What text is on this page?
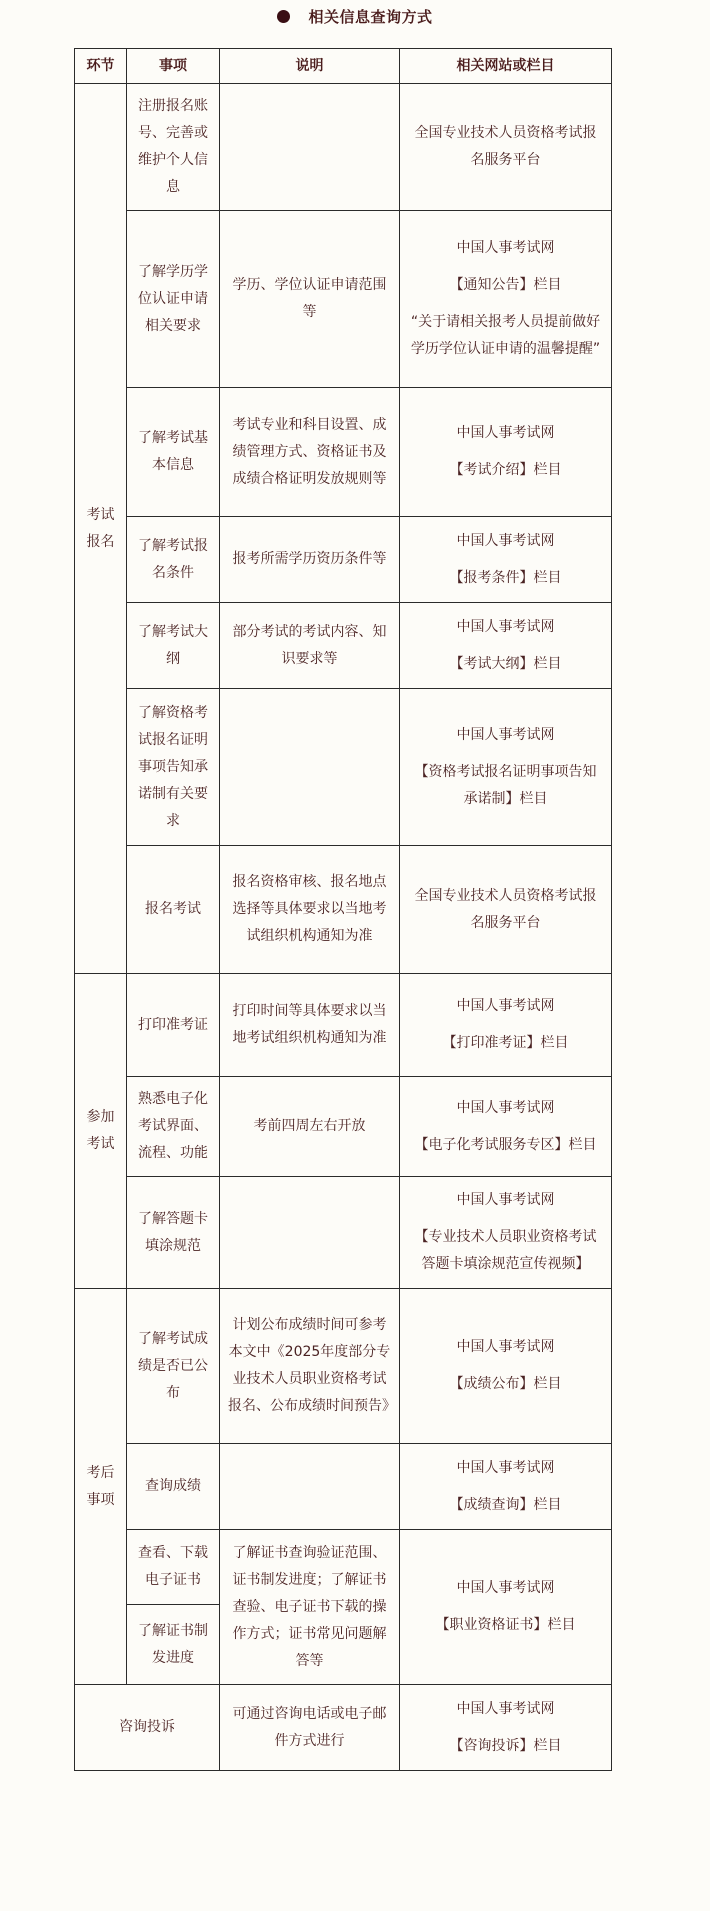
相关信息查询方式
环节	事项	说明	相关网站或栏目
考试报名	注册报名账号、完善或维护个人信息		全国专业技术人员资格考试报名服务平台
	了解学历学位认证申请相关要求	学历、学位认证申请范围等	中国人事考试网
【通知公告】栏目
“关于请相关报考人员提前做好学历学位认证申请的温馨提醒”

	了解考试基本信息	考试专业和科目设置、成绩管理方式、资格证书及成绩合格证明发放规则等	中国人事考试网
【考试介绍】栏目

	了解考试报名条件	报考所需学历资历条件等	中国人事考试网
【报考条件】栏目

	了解考试大纲	部分考试的考试内容、知识要求等	中国人事考试网
【考试大纲】栏目

	了解资格考试报名证明事项告知承诺制有关要求		中国人事考试网
【资格考试报名证明事项告知承诺制】栏目

	报名考试	报名资格审核、报名地点选择等具体要求以当地考试组织机构通知为准	全国专业技术人员资格考试报名服务平台
参加考试	打印准考证	打印时间等具体要求以当地考试组织机构通知为准	中国人事考试网
【打印准考证】栏目

	熟悉电子化考试界面、流程、功能	考前四周左右开放	中国人事考试网
【电子化考试服务专区】栏目

	了解答题卡填涂规范		中国人事考试网
【专业技术人员职业资格考试答题卡填涂规范宣传视频】

考后事项	了解考试成绩是否已公布	计划公布成绩时间可参考本文中《2025年度部分专业技术人员职业资格考试报名、公布成绩时间预告》	中国人事考试网
【成绩公布】栏目

	查询成绩		中国人事考试网
【成绩查询】栏目

	查看、下载电子证书	了解证书查询验证范围、证书制发进度；了解证书查验、电子证书下载的操作方式；证书常见问题解答等	中国人事考试网
【职业资格证书】栏目

	了解证书制发进度		
咨询投诉		可通过咨询电话或电子邮件方式进行	中国人事考试网
【咨询投诉】栏目
